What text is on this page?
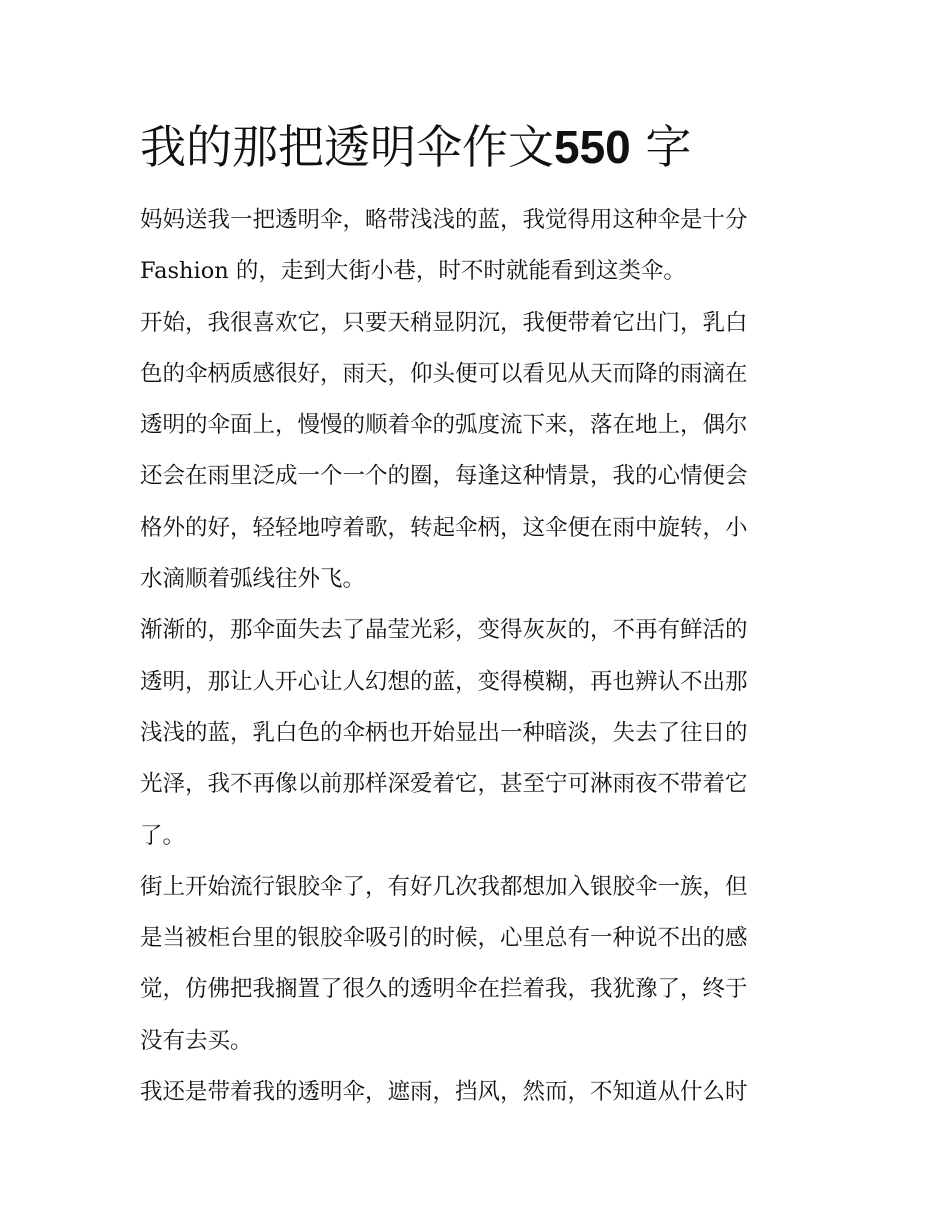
我的那把透明伞作文550 字

妈妈送我一把透明伞，略带浅浅的蓝，我觉得用这种伞是十分
Fashion 的，走到大街小巷，时不时就能看到这类伞。

开始，我很喜欢它，只要天稍显阴沉，我便带着它出门，乳白
色的伞柄质感很好，雨天，仰头便可以看见从天而降的雨滴在
透明的伞面上，慢慢的顺着伞的弧度流下来，落在地上，偶尔
还会在雨里泛成一个一个的圈，每逢这种情景，我的心情便会
格外的好，轻轻地哼着歌，转起伞柄，这伞便在雨中旋转，小
水滴顺着弧线往外飞。

渐渐的，那伞面失去了晶莹光彩，变得灰灰的，不再有鲜活的
透明，那让人开心让人幻想的蓝，变得模糊，再也辨认不出那
浅浅的蓝，乳白色的伞柄也开始显出一种暗淡，失去了往日的
光泽，我不再像以前那样深爱着它，甚至宁可淋雨夜不带着它
了。

街上开始流行银胶伞了，有好几次我都想加入银胶伞一族，但
是当被柜台里的银胶伞吸引的时候，心里总有一种说不出的感
觉，仿佛把我搁置了很久的透明伞在拦着我，我犹豫了，终于
没有去买。

我还是带着我的透明伞，遮雨，挡风，然而，不知道从什么时
